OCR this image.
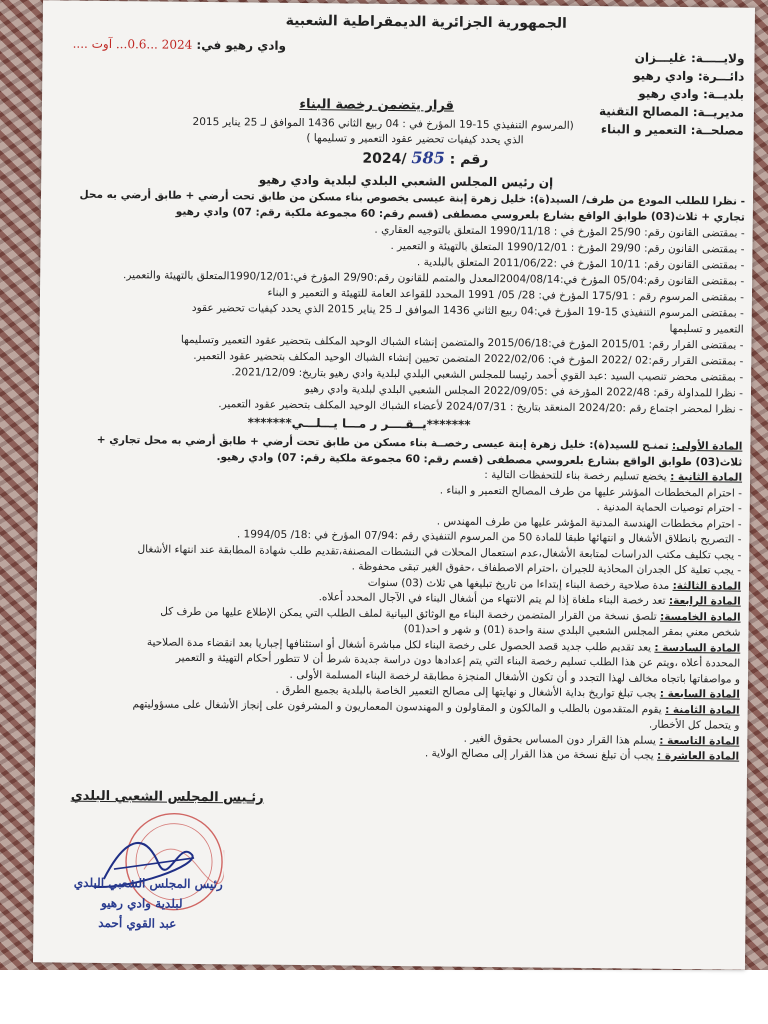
الجمهورية الجزائرية الديمقراطية الشعبية
وادي رهيو في: 2024 ...0.6... آوت ....
ولايـــــة: غليـــزان
دائـــرة: وادي رهيو
بلديــة: وادي رهيو
مديريــة: المصالح التقنية
مصلحــة: التعمير و البناء
قرار يتضمن رخصة البناء
(المرسوم التنفيذي 15-19 المؤرخ في : 04 ربيع الثاني 1436 الموافق لـ 25 يناير 2015
الذي يحدد كيفيات تحضير عقود التعمير و تسليمها )
رقم : 585 /2024
إن رئيس المجلس الشعبي البلدي لبلدية وادي رهيو
- نظرا للطلب المودع من طرف/ السيد(ة): خليل زهرة إبنة عيسى بخصوص بناء مسكن من طابق تحت أرضي + طابق أرضي به محل
تجاري + ثلاث(03) طوابق الواقع بشارع بلعروسي مصطفى (قسم رقم: 60 مجموعة ملكية رقم: 07) وادي رهيو
- بمقتضى القانون رقم: 25/90 المؤرخ في : 1990/11/18 المتعلق بالتوجيه العقاري .
- بمقتضى القانون رقم: 29/90 المؤرخ : 1990/12/01 المتعلق بالتهيئة و التعمير .
- بمقتضى القانون رقم: 10/11 المؤرخ في :2011/06/22 المتعلق بالبلدية .
- بمقتضى القانون رقم:05/04 المؤرخ في:2004/08/14المعدل والمتمم للقانون رقم:29/90 المؤرخ في:1990/12/01المتعلق بالتهيئة والتعمير.
- بمقتضى المرسوم رقم : 175/91 المؤرخ في: 28/ 05/ 1991 المحدد للقواعد العامة للتهيئة و التعمير و البناء
- بمقتضى المرسوم التنفيذي 15-19 المؤرخ في:04 ربيع الثاني 1436 الموافق لـ 25 يناير 2015 الذي يحدد كيفيات تحضير عقود
التعمير و تسليمها
- بمقتضى القرار رقم: 2015/01 المؤرخ في:2015/06/18 والمتضمن إنشاء الشباك الوحيد المكلف بتحضير عقود التعمير وتسليمها
- بمقتضى القرار رقم:02 /2022 المؤرخ في: 2022/02/06 المتضمن تحيين إنشاء الشباك الوحيد المكلف بتحضير عقود التعمير.
- بمقتضى محضر تنصيب السيد :عبد القوي أحمد رئيسا للمجلس الشعبي البلدي لبلدية وادي رهيو بتاريخ: 2021/12/09.
- نظرا للمداولة رقم: 2022/48 المؤرخة في :2022/09/05 المجلس الشعبي البلدي لبلدية وادي رهيو
- نظرا لمحضر اجتماع رقم :2024/20 المنعقد بتاريخ : 2024/07/31 لأعضاء الشباك الوحيد المكلف بتحضير عقود التعمير.
*******يــقــــر ر مـــا يـــلـــي*******
المادة الأولى: تمنـح للسيد(ة): خليل زهرة إبنة عيسى رخصــة بناء مسكن من طابق تحت أرضي + طابق أرضي به محل تجاري +
ثلاث(03) طوابق الواقع بشارع بلعروسي مصطفى (قسم رقم: 60 مجموعة ملكية رقم: 07) وادي رهيو.
المادة الثانية : يخضع تسليم رخصة بناء للتحفظات التالية :
- احترام المخططات المؤشر عليها من طرف المصالح التعمير و البناء .
- احترام توصيات الحماية المدنية .
- احترام مخططات الهندسة المدنية المؤشر عليها من طرف المهندس .
- التصريح بانطلاق الأشغال و انتهائها طبقا للمادة 50 من المرسوم التنفيذي رقم :07/94 المؤرخ في :18/ 1994/05 .
- يجب تكليف مكتب الدراسات لمتابعة الأشغال،عدم استعمال المحلات في النشطات المصنفة،تقديم طلب شهادة المطابقة عند انتهاء الأشغال
- يجب تعلية كل الجدران المحاذية للجيران ،احترام الاصطفاف ،حقوق الغير تبقى محفوظة .
المادة الثالثة: مدة صلاحية رخصة البناء إبتداءا من تاريخ تبليغها هي ثلاث (03) سنوات
المادة الرابعة: تعد رخصة البناء ملغاة إذا لم يتم الانتهاء من أشغال البناء في الآجال المحدد أعلاه.
المادة الخامسة: تلصق نسخة من القرار المتضمن رخصة البناء مع الوثائق البيانية لملف الطلب التي يمكن الإطلاع عليها من طرف كل
شخص معني بمقر المجلس الشعبي البلدي سنة واحدة (01) و شهر و احد(01)
المادة السادسة : يعد تقديم طلب جديد قصد الحصول على رخصة البناء لكل مباشرة أشغال أو استئنافها إجباريا بعد انقضاء مدة الصلاحية
المحددة أعلاه ،ويتم عن هذا الطلب تسليم رخصة البناء التي يتم إعدادها دون دراسة جديدة شرط أن لا تتطور أحكام التهيئة و التعمير
و مواصفاتها باتجاه مخالف لهذا التجدد و أن تكون الأشغال المنجزة مطابقة لرخصة البناء المسلمة الأولى .
المادة السابعة : يجب تبلغ تواريخ بداية الأشغال و نهايتها إلى مصالح التعمير الخاصة بالبلدية بجميع الطرق .
المادة الثامنة : يقوم المتقدمون بالطلب و المالكون و المقاولون و المهندسون المعماريون و المشرفون على إنجاز الأشغال على مسؤوليتهم
و يتحمل كل الأخطار.
المادة التاسعة : يسلم هذا القرار دون المساس بحقوق الغير .
المادة العاشرة : يجب أن تبلغ نسخة من هذا القرار إلى مصالح الولاية .
رئـيس المجلس الشعبي البلدي
رئيس المجلس الشعبي البلدي
لبلدية وادي رهيو
عبد القوي أحمد
